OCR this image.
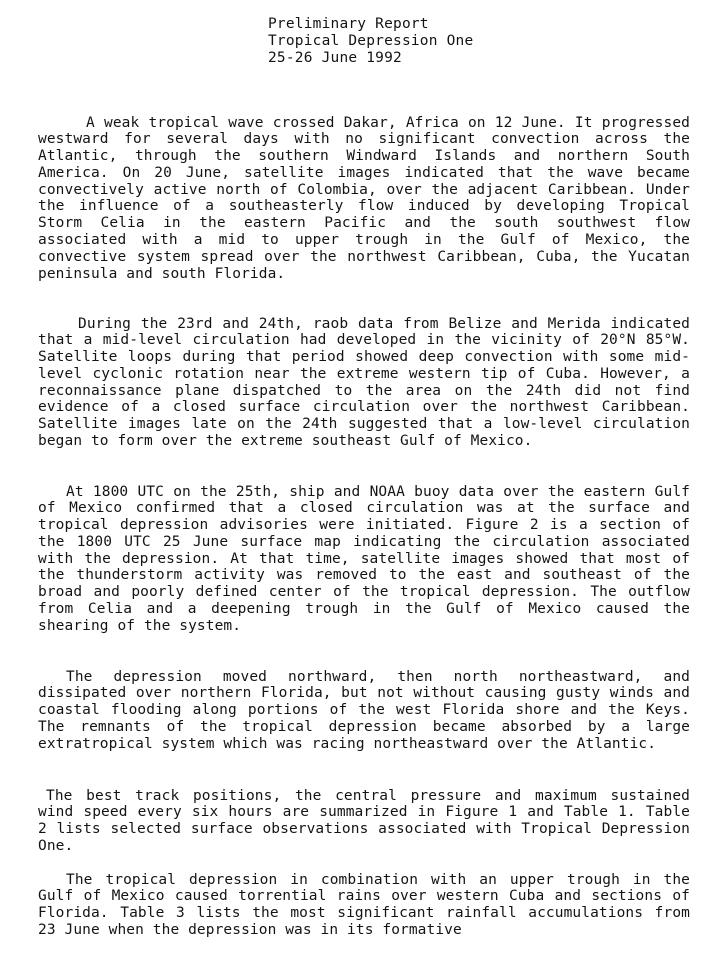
Preliminary Report
Tropical Depression One
25-26 June 1992

A weak tropical wave crossed Dakar, Africa on 12 June. It progressed westward for several days with no significant convection across the Atlantic, through the southern Windward Islands and northern South America. On 20 June, satellite images indicated that the wave became convectively active north of Colombia, over the adjacent Caribbean. Under the influence of a southeasterly flow induced by developing Tropical Storm Celia in the eastern Pacific and the south southwest flow associated with a mid to upper trough in the Gulf of Mexico, the convective system spread over the northwest Caribbean, Cuba, the Yucatan peninsula and south Florida.

During the 23rd and 24th, raob data from Belize and Merida indicated that a mid-level circulation had developed in the vicinity of 20°N 85°W. Satellite loops during that period showed deep convection with some mid-level cyclonic rotation near the extreme western tip of Cuba. However, a reconnaissance plane dispatched to the area on the 24th did not find evidence of a closed surface circulation over the northwest Caribbean. Satellite images late on the 24th suggested that a low-level circulation began to form over the extreme southeast Gulf of Mexico.

At 1800 UTC on the 25th, ship and NOAA buoy data over the eastern Gulf of Mexico confirmed that a closed circulation was at the surface and tropical depression advisories were initiated. Figure 2 is a section of the 1800 UTC 25 June surface map indicating the circulation associated with the depression. At that time, satellite images showed that most of the thunderstorm activity was removed to the east and southeast of the broad and poorly defined center of the tropical depression. The outflow from Celia and a deepening trough in the Gulf of Mexico caused the shearing of the system.

The depression moved northward, then north northeastward, and dissipated over northern Florida, but not without causing gusty winds and coastal flooding along portions of the west Florida shore and the Keys. The remnants of the tropical depression became absorbed by a large extratropical system which was racing northeastward over the Atlantic.

The best track positions, the central pressure and maximum sustained wind speed every six hours are summarized in Figure 1 and Table 1. Table 2 lists selected surface observations associated with Tropical Depression One.

The tropical depression in combination with an upper trough in the Gulf of Mexico caused torrential rains over western Cuba and sections of Florida. Table 3 lists the most significant rainfall accumulations from 23 June when the depression was in its formative
